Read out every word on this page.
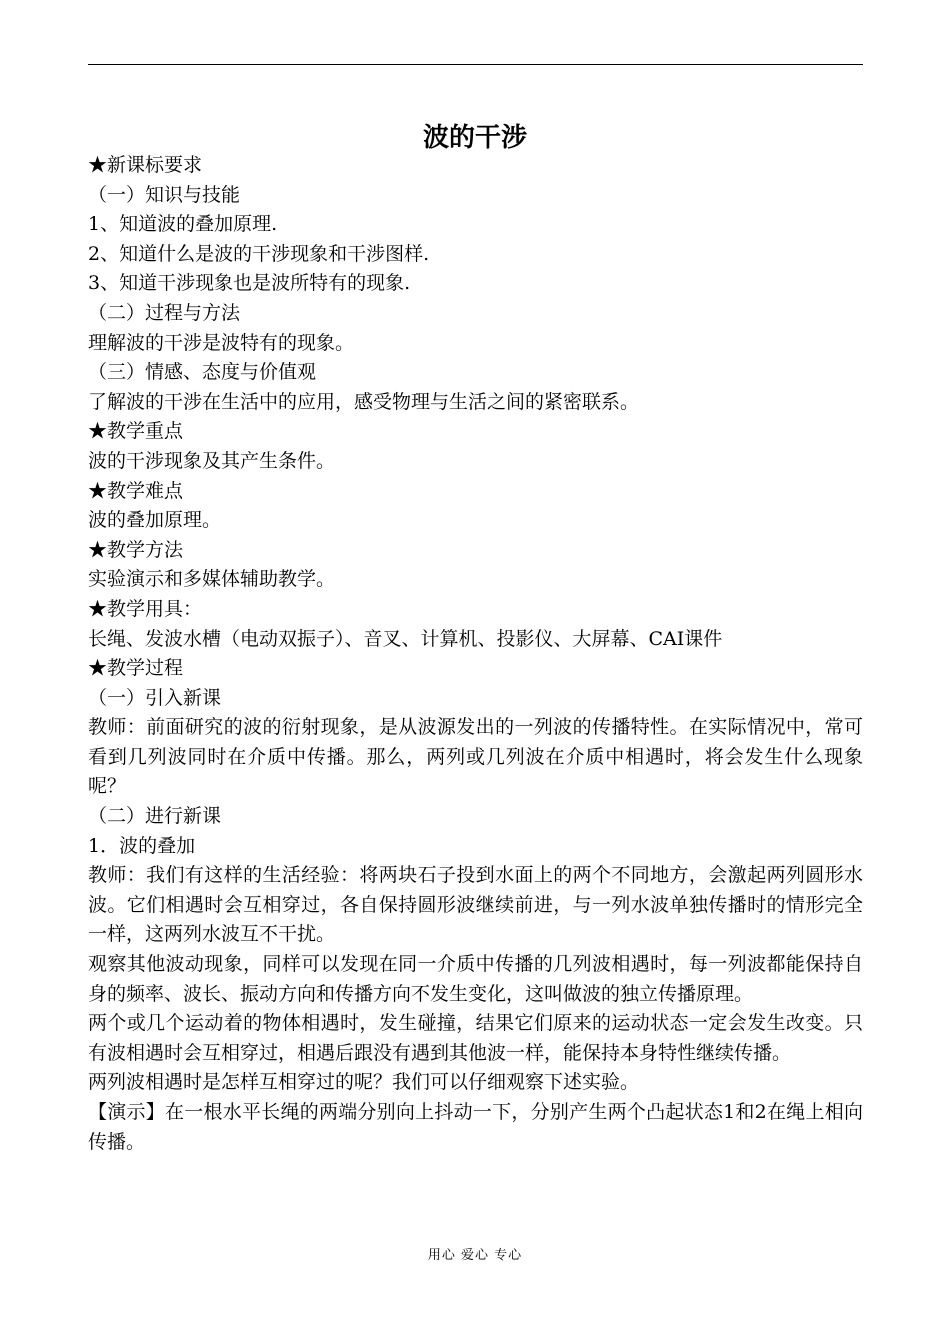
波的干涉

★新课标要求

（一）知识与技能

1、知道波的叠加原理.

2、知道什么是波的干涉现象和干涉图样.

3、知道干涉现象也是波所特有的现象.

（二）过程与方法

理解波的干涉是波特有的现象。

（三）情感、态度与价值观

了解波的干涉在生活中的应用，感受物理与生活之间的紧密联系。

★教学重点

波的干涉现象及其产生条件。

★教学难点

波的叠加原理。

★教学方法

实验演示和多媒体辅助教学。

★教学用具：

长绳、发波水槽（电动双振子）、音叉、计算机、投影仪、大屏幕、CAI课件

★教学过程

（一）引入新课

教师：前面研究的波的衍射现象，是从波源发出的一列波的传播特性。在实际情况中，常可看到几列波同时在介质中传播。那么，两列或几列波在介质中相遇时，将会发生什么现象呢？

（二）进行新课

1．波的叠加

教师：我们有这样的生活经验：将两块石子投到水面上的两个不同地方，会激起两列圆形水波。它们相遇时会互相穿过，各自保持圆形波继续前进，与一列水波单独传播时的情形完全一样，这两列水波互不干扰。

观察其他波动现象，同样可以发现在同一介质中传播的几列波相遇时，每一列波都能保持自身的频率、波长、振动方向和传播方向不发生变化，这叫做波的独立传播原理。

两个或几个运动着的物体相遇时，发生碰撞，结果它们原来的运动状态一定会发生改变。只有波相遇时会互相穿过，相遇后跟没有遇到其他波一样，能保持本身特性继续传播。

两列波相遇时是怎样互相穿过的呢？我们可以仔细观察下述实验。

【演示】在一根水平长绳的两端分别向上抖动一下，分别产生两个凸起状态1和2在绳上相向传播。

用心 爱心 专心
